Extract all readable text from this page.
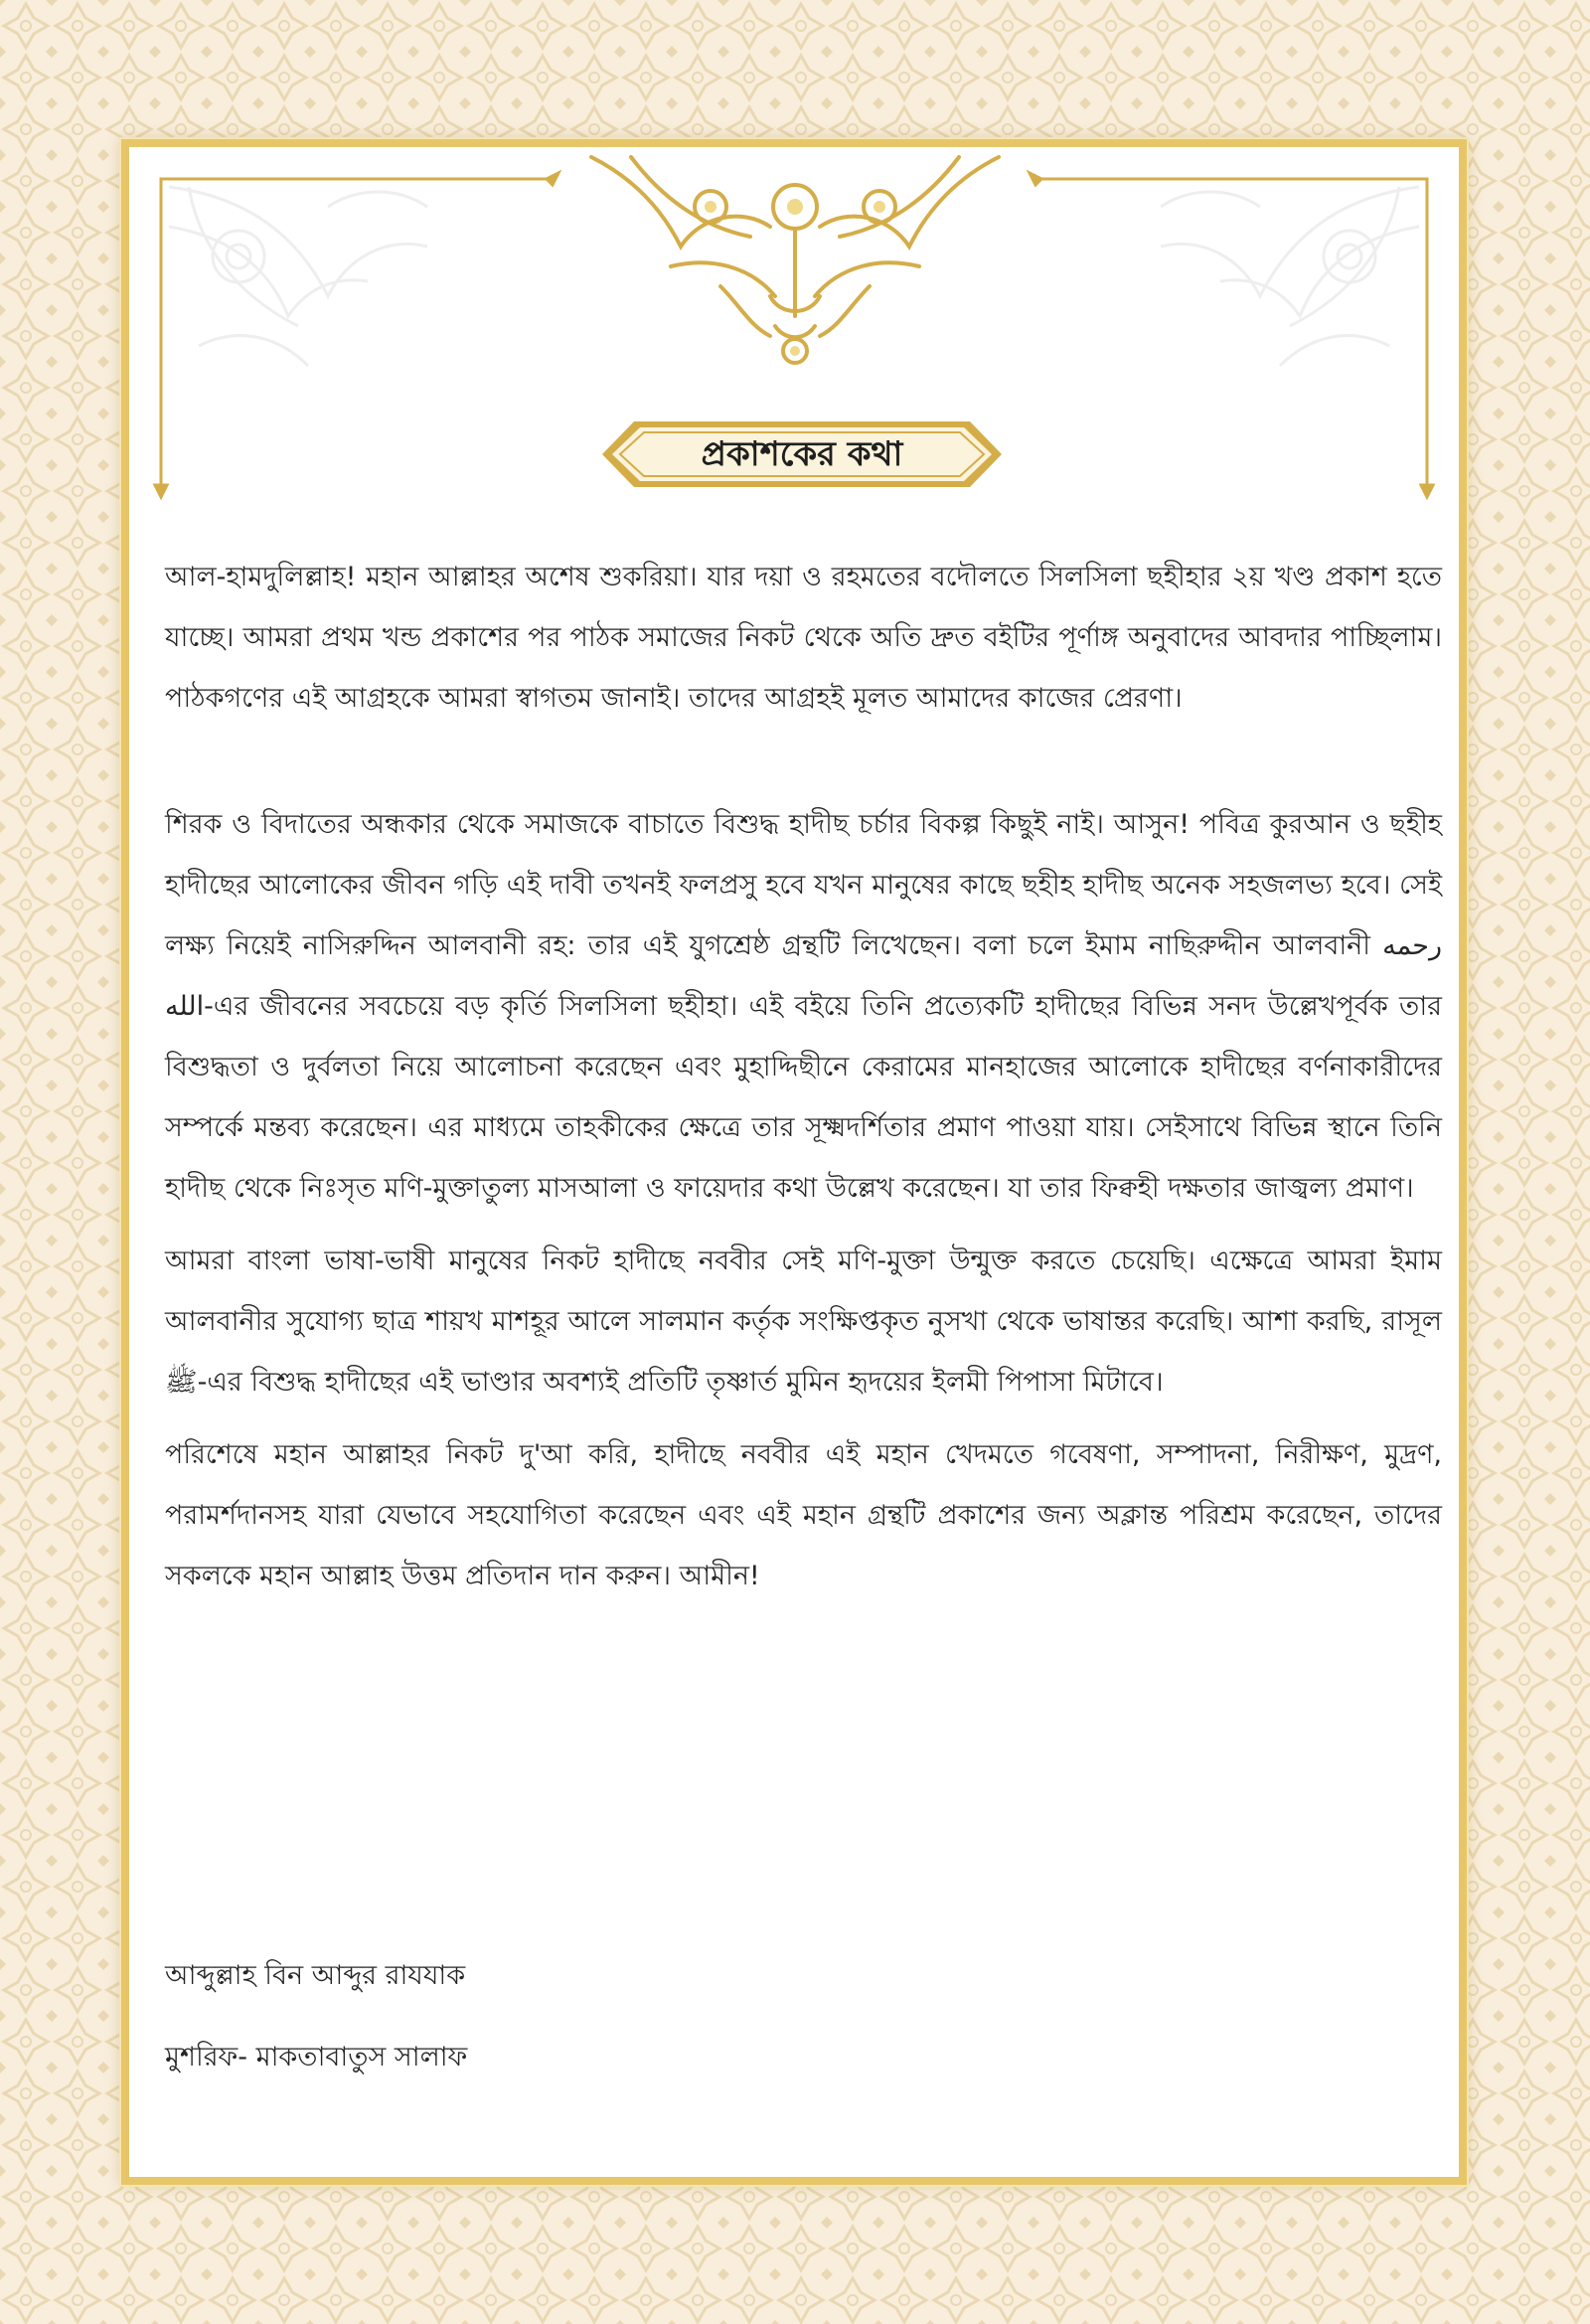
প্রকাশকের কথা

আল-হামদুলিল্লাহ! মহান আল্লাহর অশেষ শুকরিয়া। যার দয়া ও রহমতের বদৌলতে সিলসিলা ছহীহার ২য় খণ্ড প্রকাশ হতে যাচ্ছে। আমরা প্রথম খন্ড প্রকাশের পর পাঠক সমাজের নিকট থেকে অতি দ্রুত বইটির পূর্ণাঙ্গ অনুবাদের আবদার পাচ্ছিলাম। পাঠকগণের এই আগ্রহকে আমরা স্বাগতম জানাই। তাদের আগ্রহই মূলত আমাদের কাজের প্রেরণা।

শিরক ও বিদাতের অন্ধকার থেকে সমাজকে বাচাতে বিশুদ্ধ হাদীছ চর্চার বিকল্প কিছুই নাই। আসুন! পবিত্র কুরআন ও ছহীহ হাদীছের আলোকের জীবন গড়ি এই দাবী তখনই ফলপ্রসু হবে যখন মানুষের কাছে ছহীহ হাদীছ অনেক সহজলভ্য হবে। সেই লক্ষ্য নিয়েই নাসিরুদ্দিন আলবানী রহ: তার এই যুগশ্রেষ্ঠ গ্রন্থটি লিখেছেন। বলা চলে ইমাম নাছিরুদ্দীন আলবানী رحمه الله-এর জীবনের সবচেয়ে বড় কৃর্তি সিলসিলা ছহীহা। এই বইয়ে তিনি প্রত্যেকটি হাদীছের বিভিন্ন সনদ উল্লেখপূর্বক তার বিশুদ্ধতা ও দুর্বলতা নিয়ে আলোচনা করেছেন এবং মুহাদ্দিছীনে কেরামের মানহাজের আলোকে হাদীছের বর্ণনাকারীদের সম্পর্কে মন্তব্য করেছেন। এর মাধ্যমে তাহকীকের ক্ষেত্রে তার সূক্ষ্মদর্শিতার প্রমাণ পাওয়া যায়। সেইসাথে বিভিন্ন স্থানে তিনি হাদীছ থেকে নিঃসৃত মণি-মুক্তাতুল্য মাসআলা ও ফায়েদার কথা উল্লেখ করেছেন। যা তার ফিক্বহী দক্ষতার জাজ্বল্য প্রমাণ।

আমরা বাংলা ভাষা-ভাষী মানুষের নিকট হাদীছে নববীর সেই মণি-মুক্তা উন্মুক্ত করতে চেয়েছি। এক্ষেত্রে আমরা ইমাম আলবানীর সুযোগ্য ছাত্র শায়খ মাশহূর আলে সালমান কর্তৃক সংক্ষিপ্তকৃত নুসখা থেকে ভাষান্তর করেছি। আশা করছি, রাসূল ﷺ-এর বিশুদ্ধ হাদীছের এই ভাণ্ডার অবশ্যই প্রতিটি তৃষ্ণার্ত মুমিন হৃদয়ের ইলমী পিপাসা মিটাবে।

পরিশেষে মহান আল্লাহর নিকট দু'আ করি, হাদীছে নববীর এই মহান খেদমতে গবেষণা, সম্পাদনা, নিরীক্ষণ, মুদ্রণ, পরামর্শদানসহ যারা যেভাবে সহযোগিতা করেছেন এবং এই মহান গ্রন্থটি প্রকাশের জন্য অক্লান্ত পরিশ্রম করেছেন, তাদের সকলকে মহান আল্লাহ উত্তম প্রতিদান দান করুন। আমীন!

আব্দুল্লাহ বিন আব্দুর রাযযাক
মুশরিফ- মাকতাবাতুস সালাফ
